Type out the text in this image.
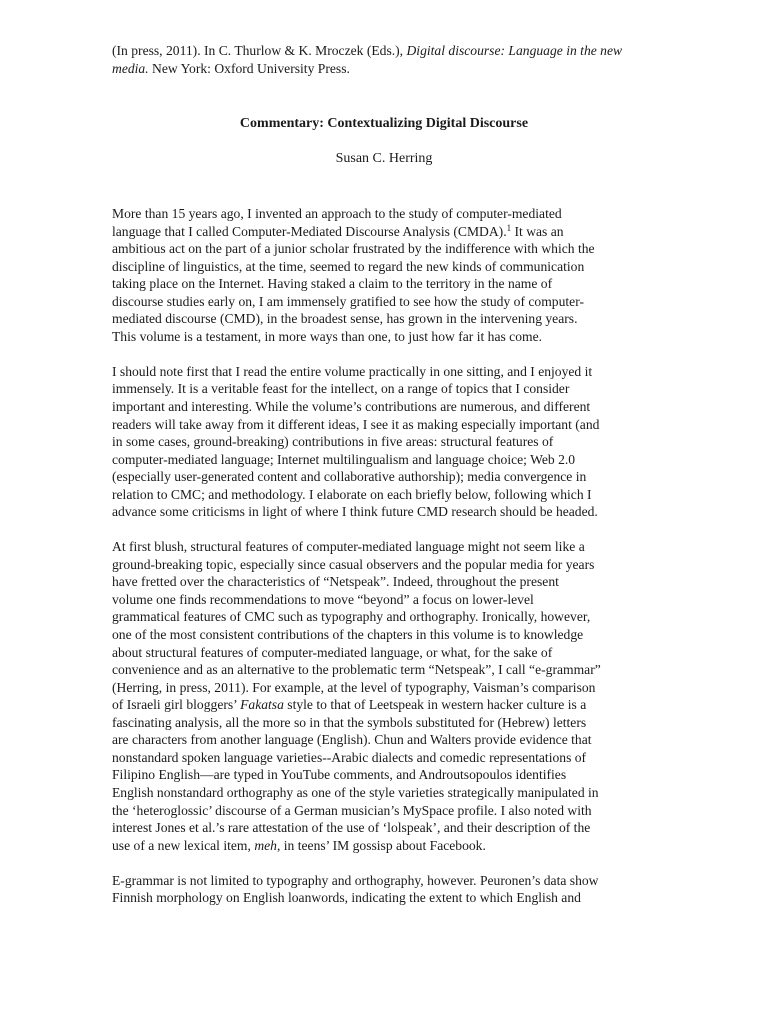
(In press, 2011). In C. Thurlow & K. Mroczek (Eds.), Digital discourse: Language in the new
media. New York: Oxford University Press.
Commentary: Contextualizing Digital Discourse
Susan C. Herring
More than 15 years ago, I invented an approach to the study of computer-mediated
language that I called Computer-Mediated Discourse Analysis (CMDA).$^1$ It was an
ambitious act on the part of a junior scholar frustrated by the indifference with which the
discipline of linguistics, at the time, seemed to regard the new kinds of communication
taking place on the Internet. Having staked a claim to the territory in the name of
discourse studies early on, I am immensely gratified to see how the study of computer-
mediated discourse (CMD), in the broadest sense, has grown in the intervening years.
This volume is a testament, in more ways than one, to just how far it has come.
I should note first that I read the entire volume practically in one sitting, and I enjoyed it
immensely. It is a veritable feast for the intellect, on a range of topics that I consider
important and interesting. While the volume’s contributions are numerous, and different
readers will take away from it different ideas, I see it as making especially important (and
in some cases, ground-breaking) contributions in five areas: structural features of
computer-mediated language; Internet multilingualism and language choice; Web 2.0
(especially user-generated content and collaborative authorship); media convergence in
relation to CMC; and methodology. I elaborate on each briefly below, following which I
advance some criticisms in light of where I think future CMD research should be headed.
At first blush, structural features of computer-mediated language might not seem like a
ground-breaking topic, especially since casual observers and the popular media for years
have fretted over the characteristics of “Netspeak”. Indeed, throughout the present
volume one finds recommendations to move “beyond” a focus on lower-level
grammatical features of CMC such as typography and orthography. Ironically, however,
one of the most consistent contributions of the chapters in this volume is to knowledge
about structural features of computer-mediated language, or what, for the sake of
convenience and as an alternative to the problematic term “Netspeak”, I call “e-grammar”
(Herring, in press, 2011). For example, at the level of typography, Vaisman’s comparison
of Israeli girl bloggers’ Fakatsa style to that of Leetspeak in western hacker culture is a
fascinating analysis, all the more so in that the symbols substituted for (Hebrew) letters
are characters from another language (English). Chun and Walters provide evidence that
nonstandard spoken language varieties--Arabic dialects and comedic representations of
Filipino English—are typed in YouTube comments, and Androutsopoulos identifies
English nonstandard orthography as one of the style varieties strategically manipulated in
the ‘heteroglossic’ discourse of a German musician’s MySpace profile. I also noted with
interest Jones et al.’s rare attestation of the use of ‘lolspeak’, and their description of the
use of a new lexical item, meh, in teens’ IM gossisp about Facebook.
E-grammar is not limited to typography and orthography, however. Peuronen’s data show
Finnish morphology on English loanwords, indicating the extent to which English and
